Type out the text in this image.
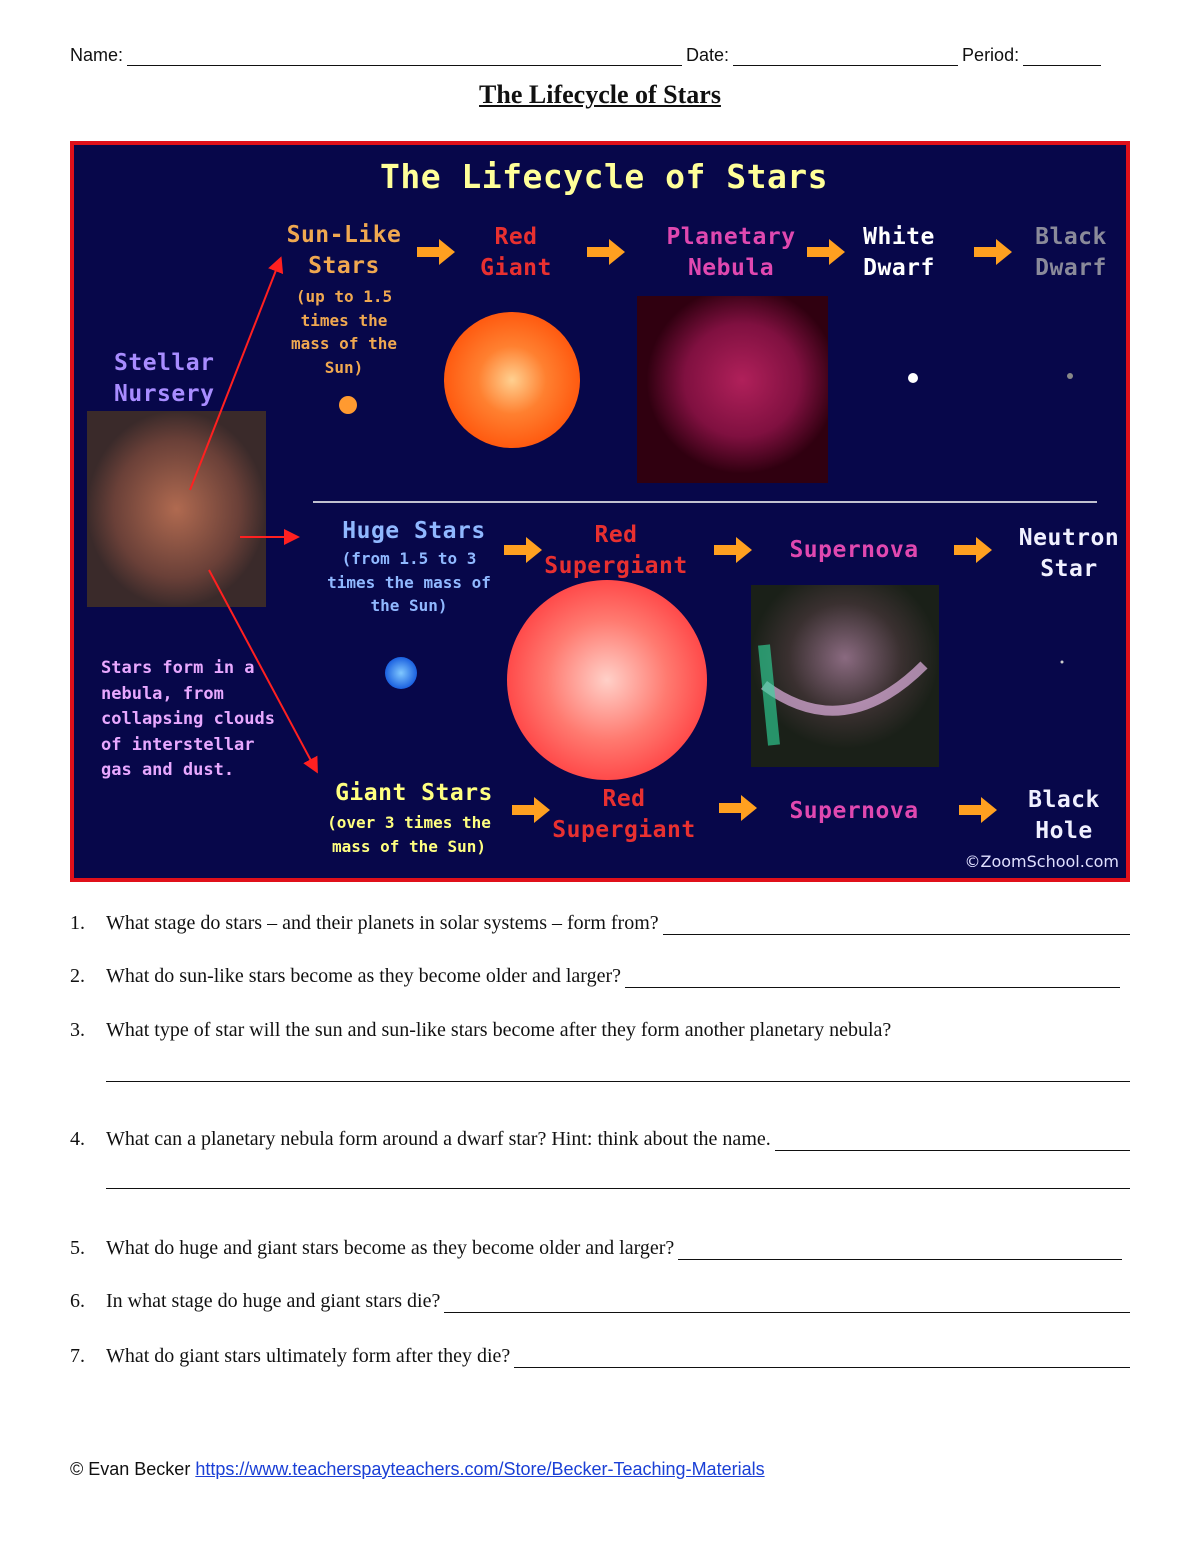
Name:	Date:	Period:
The Lifecycle of Stars
The Lifecycle of Stars
Stellar Nursery
Stars form in a nebula, from collapsing clouds of interstellar gas and dust.
Sun-Like Stars
(up to 1.5 times the mass of the Sun)
Red Giant
Planetary Nebula
White Dwarf
Black Dwarf
Huge Stars
(from 1.5 to 3 times the mass of the Sun)
Red Supergiant
Supernova	Neutron Star
Giant Stars
(over 3 times the mass of the Sun)
Red Supergiant
Supernova	Black Hole
©ZoomSchool.com
1.	What stage do stars – and their planets in solar systems – form from?
2.	What do sun-like stars become as they become older and larger?
3.	What type of star will the sun and sun-like stars become after they form another planetary nebula?
4.	What can a planetary nebula form around a dwarf star? Hint: think about the name.
5.	What do huge and giant stars become as they become older and larger?
6.	In what stage do huge and giant stars die?
7.	What do giant stars ultimately form after they die?
© Evan Becker https://www.teacherspayteachers.com/Store/Becker-Teaching-Materials
